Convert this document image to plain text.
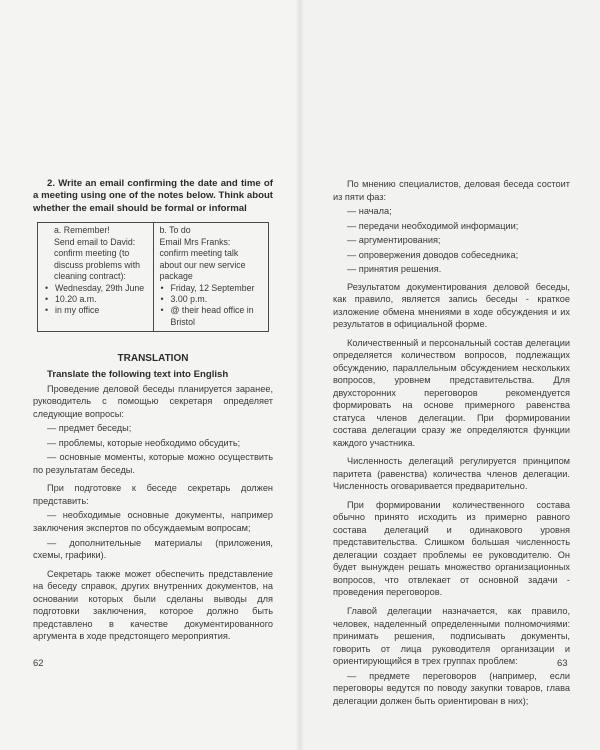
2. Write an email confirming the date and time of a meeting using one of the notes below. Think about whether the email should be formal or informal

a. Remember!
Send email to David:
confirm meeting (to
discuss problems with
cleaning contract):
• Wednesday, 29th June
• 10.20 a.m.
• in my office

b. To do
Email Mrs Franks:
confirm meeting talk
about our new service
package
• Friday, 12 September
• 3.00 p.m.
• @ their head office in Bristol

TRANSLATION

Translate the following text into English

Проведение деловой беседы планируется заранее, руководитель с помощью секретаря определяет следующие вопросы:

— предмет беседы;

— проблемы, которые необходимо обсудить;

— основные моменты, которые можно осуществить по результатам беседы.

При подготовке к беседе секретарь должен представить:

— необходимые основные документы, например заключения экспертов по обсуждаемым вопросам;

— дополнительные материалы (приложения, схемы, графики).

Секретарь также может обеспечить представление на беседу справок, других внутренних документов, на основании которых были сделаны выводы для подготовки заключения, которое должно быть представлено в качестве документированного аргумента в ходе предстоящего мероприятия.

По мнению специалистов, деловая беседа состоит из пяти фаз:

— начала;

— передачи необходимой информации;

— аргументирования;

— опровержения доводов собеседника;

— принятия решения.

Результатом документирования деловой беседы, как правило, является запись беседы - краткое изложение обмена мнениями в ходе обсуждения и их результатов в официальной форме.

Количественный и персональный состав делегации определяется количеством вопросов, подлежащих обсуждению, параллельным обсуждением нескольких вопросов, уровнем представительства. Для двухсторонних переговоров рекомендуется формировать на основе примерного равенства статуса членов делегации. При формировании состава делегации сразу же определяются функции каждого участника.

Численность делегаций регулируется принципом паритета (равенства) количества членов делегации. Численность оговаривается предварительно.

При формировании количественного состава обычно принято исходить из примерно равного состава делегаций и одинакового уровня представительства. Слишком большая численность делегации создает проблемы ее руководителю. Он будет вынужден решать множество организационных вопросов, что отвлекает от основной задачи - проведения переговоров.

Главой делегации назначается, как правило, человек, наделенный определенными полномочиями: принимать решения, подписывать документы, говорить от лица руководителя организации и ориентирующийся в трех группах проблем:

— предмете переговоров (например, если переговоры ведутся по поводу закупки товаров, глава делегации должен быть ориентирован в них);

62	63
